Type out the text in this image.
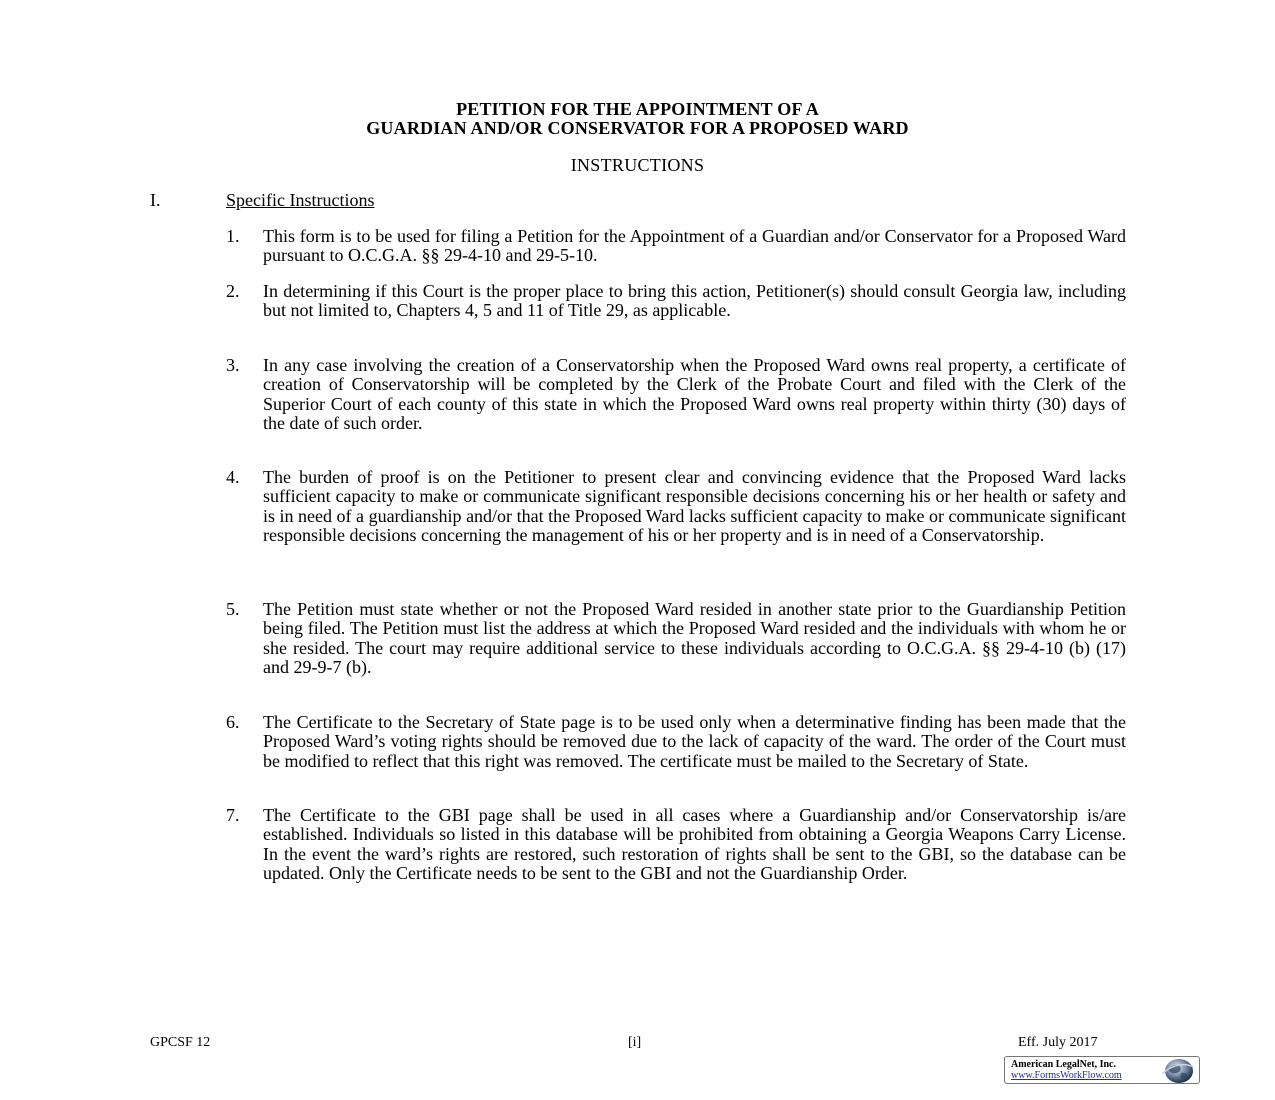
PETITION FOR THE APPOINTMENT OF A
GUARDIAN AND/OR CONSERVATOR FOR A PROPOSED WARD
INSTRUCTIONS
I.	Specific Instructions
1. This form is to be used for filing a Petition for the Appointment of a Guardian and/or Conservator for a Proposed Ward pursuant to O.C.G.A. §§ 29-4-10 and 29-5-10.
2. In determining if this Court is the proper place to bring this action, Petitioner(s) should consult Georgia law, including but not limited to, Chapters 4, 5 and 11 of Title 29, as applicable.
3. In any case involving the creation of a Conservatorship when the Proposed Ward owns real property, a certificate of creation of Conservatorship will be completed by the Clerk of the Probate Court and filed with the Clerk of the Superior Court of each county of this state in which the Proposed Ward owns real property within thirty (30) days of the date of such order.
4. The burden of proof is on the Petitioner to present clear and convincing evidence that the Proposed Ward lacks sufficient capacity to make or communicate significant responsible decisions concerning his or her health or safety and is in need of a guardianship and/or that the Proposed Ward lacks sufficient capacity to make or communicate significant responsible decisions concerning the management of his or her property and is in need of a Conservatorship.
5. The Petition must state whether or not the Proposed Ward resided in another state prior to the Guardianship Petition being filed. The Petition must list the address at which the Proposed Ward resided and the individuals with whom he or she resided. The court may require additional service to these individuals according to O.C.G.A. §§ 29-4-10 (b) (17) and 29-9-7 (b).
6. The Certificate to the Secretary of State page is to be used only when a determinative finding has been made that the Proposed Ward’s voting rights should be removed due to the lack of capacity of the ward. The order of the Court must be modified to reflect that this right was removed. The certificate must be mailed to the Secretary of State.
7. The Certificate to the GBI page shall be used in all cases where a Guardianship and/or Conservatorship is/are established. Individuals so listed in this database will be prohibited from obtaining a Georgia Weapons Carry License. In the event the ward’s rights are restored, such restoration of rights shall be sent to the GBI, so the database can be updated. Only the Certificate needs to be sent to the GBI and not the Guardianship Order.
GPCSF 12	[i]	Eff. July 2017
American LegalNet, Inc.
www.FormsWorkFlow.com
